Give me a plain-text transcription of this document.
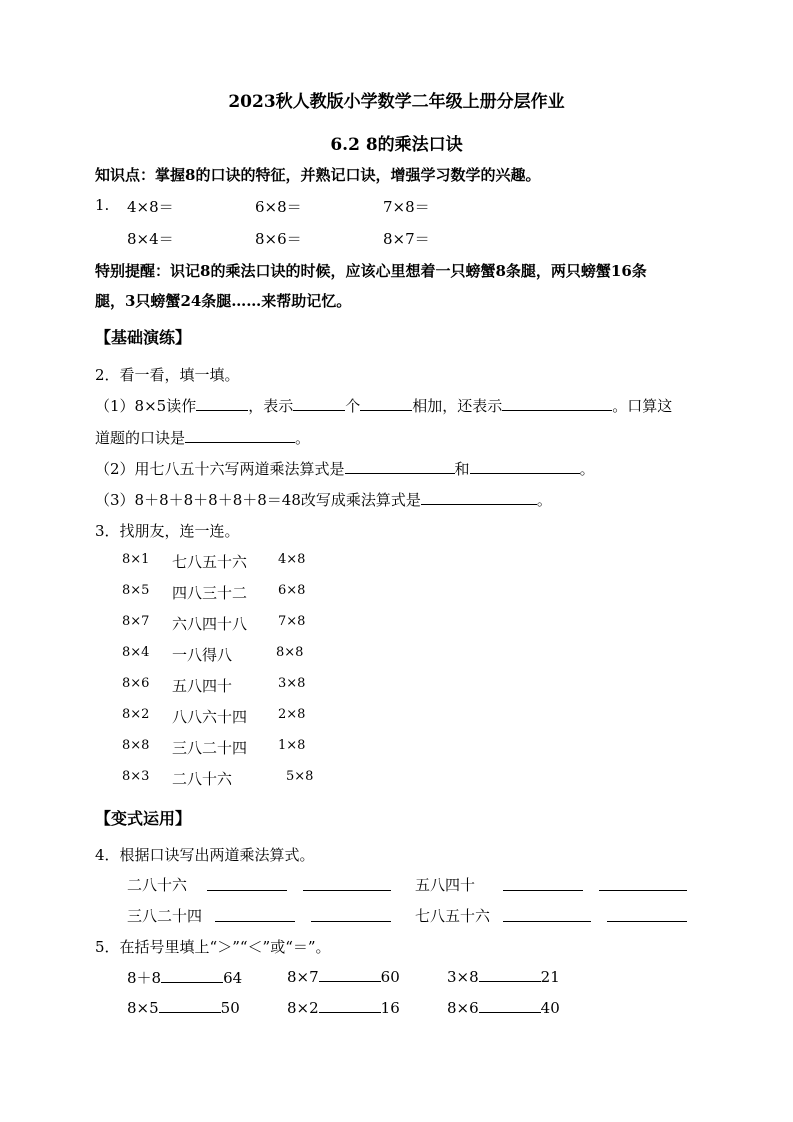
2023秋人教版小学数学二年级上册分层作业
6.2 8的乘法口诀
知识点：掌握8的口诀的特征，并熟记口诀，增强学习数学的兴趣。
1. 4×8＝	6×8＝	7×8＝
8×4＝	8×6＝	8×7＝
特别提醒：识记8的乘法口诀的时候，应该心里想着一只螃蟹8条腿，两只螃蟹16条
腿，3只螃蟹24条腿……来帮助记忆。
【基础演练】
2．看一看，填一填。
（1）8×5读作	，表示	个	相加，还表示	。口算这
道题的口诀是	。
（2）用七八五十六写两道乘法算式是	和	。
（3）8＋8＋8＋8＋8＋8＝48改写成乘法算式是	。
3．找朋友，连一连。
8×1 七八五十六 4×8
8×5 四八三十二 6×8
8×7 六八四十八 7×8
8×4 一八得八	8×8
8×6 五八四十	3×8
8×2 八八六十四 2×8
8×8 三八二十四 1×8
8×3 二八十六	5×8
【变式运用】
4．根据口诀写出两道乘法算式。
二八十六	五八四十
三八二十四	七八五十六
5．在括号里填上“＞”“＜”或“＝”。
8＋8	64	8×7	60	3×8	21
8×5	50	8×2	16	8×6	40
